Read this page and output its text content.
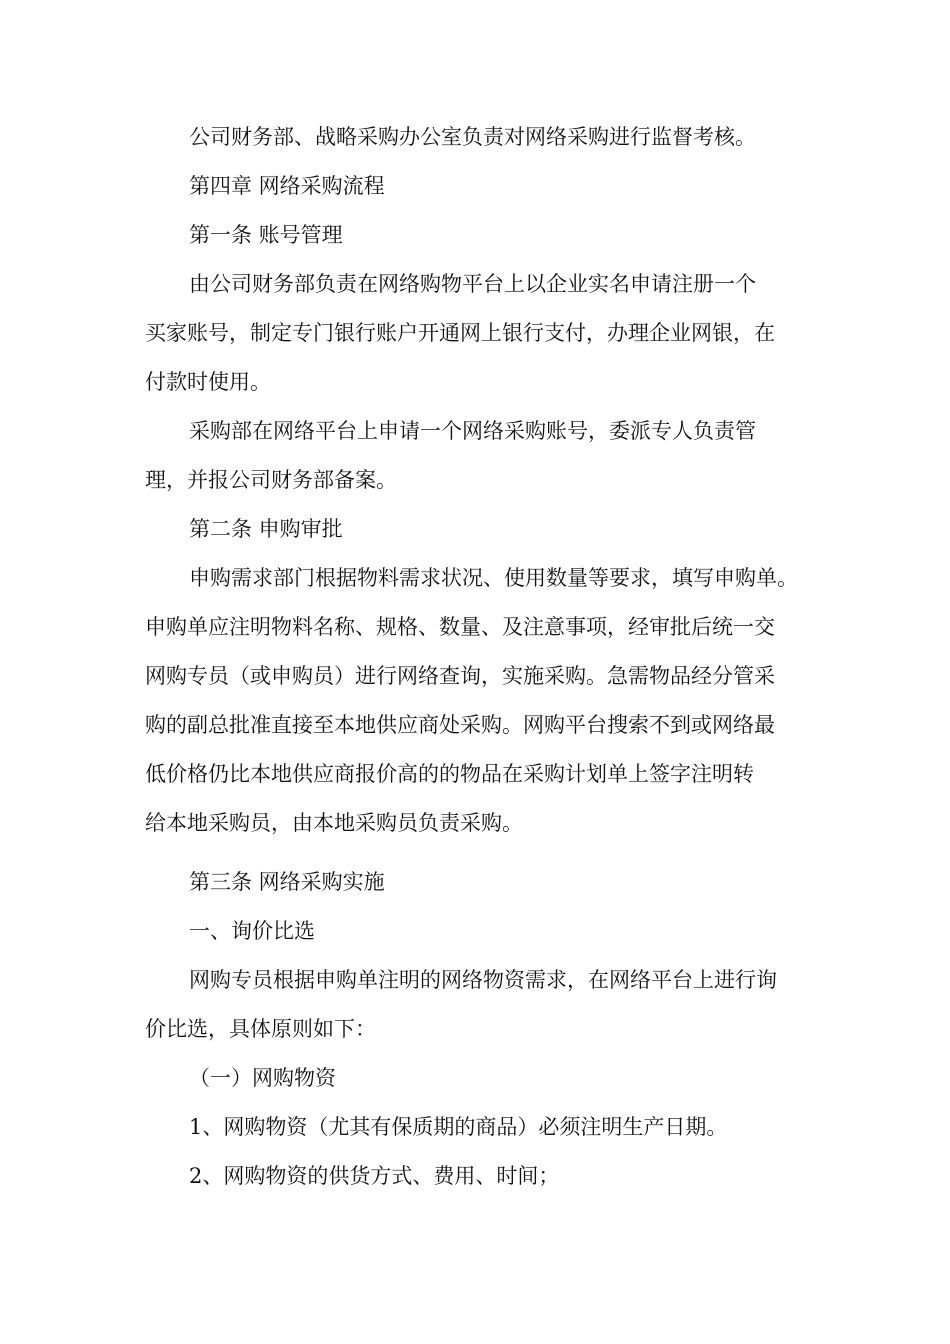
公司财务部、战略采购办公室负责对网络采购进行监督考核。
第四章 网络采购流程
第一条 账号管理
由公司财务部负责在网络购物平台上以企业实名申请注册一个
买家账号，制定专门银行账户开通网上银行支付，办理企业网银，在
付款时使用。
采购部在网络平台上申请一个网络采购账号，委派专人负责管
理，并报公司财务部备案。
第二条 申购审批
申购需求部门根据物料需求状况、使用数量等要求，填写申购单。
申购单应注明物料名称、规格、数量、及注意事项，经审批后统一交
网购专员（或申购员）进行网络查询，实施采购。急需物品经分管采
购的副总批准直接至本地供应商处采购。网购平台搜索不到或网络最
低价格仍比本地供应商报价高的的物品在采购计划单上签字注明转
给本地采购员，由本地采购员负责采购。
第三条 网络采购实施
一、询价比选
网购专员根据申购单注明的网络物资需求，在网络平台上进行询
价比选，具体原则如下：
（一）网购物资
1、网购物资（尤其有保质期的商品）必须注明生产日期。
2、网购物资的供货方式、费用、时间；
